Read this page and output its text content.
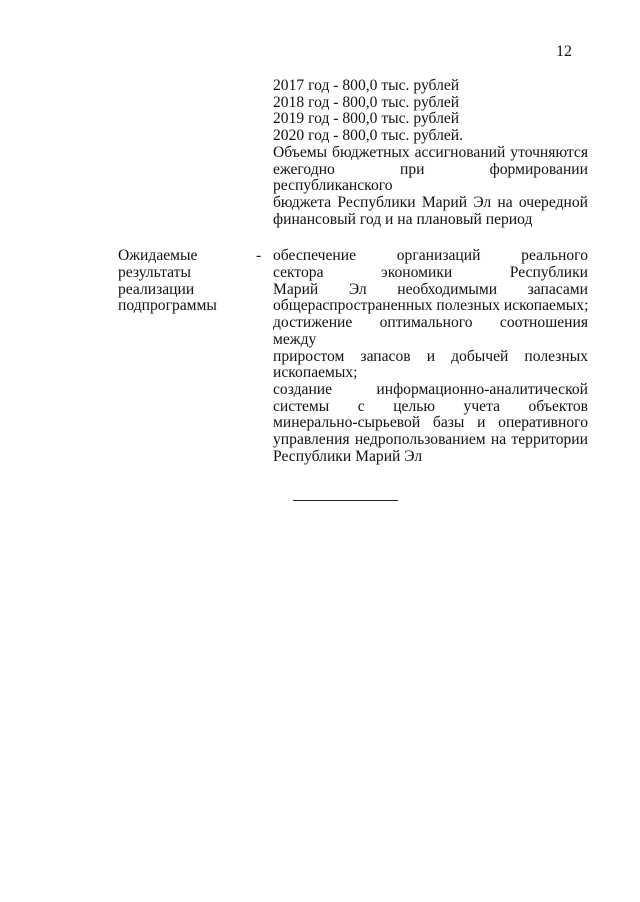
12
2017 год - 800,0 тыс. рублей
2018 год - 800,0 тыс. рублей
2019 год - 800,0 тыс. рублей
2020 год - 800,0 тыс. рублей.
Объемы бюджетных ассигнований уточняются
ежегодно при формировании республиканского
бюджета Республики Марий Эл на очередной
финансовый год и на плановый период
Ожидаемые
результаты
реализации
подпрограммы
- обеспечение организаций реального
сектора экономики Республики
Марий Эл необходимыми запасами
общераспространенных полезных ископаемых;
достижение оптимального соотношения между
приростом запасов и добычей полезных
ископаемых;
создание информационно-аналитической
системы с целью учета объектов
минерально-сырьевой базы и оперативного
управления недропользованием на территории
Республики Марий Эл
